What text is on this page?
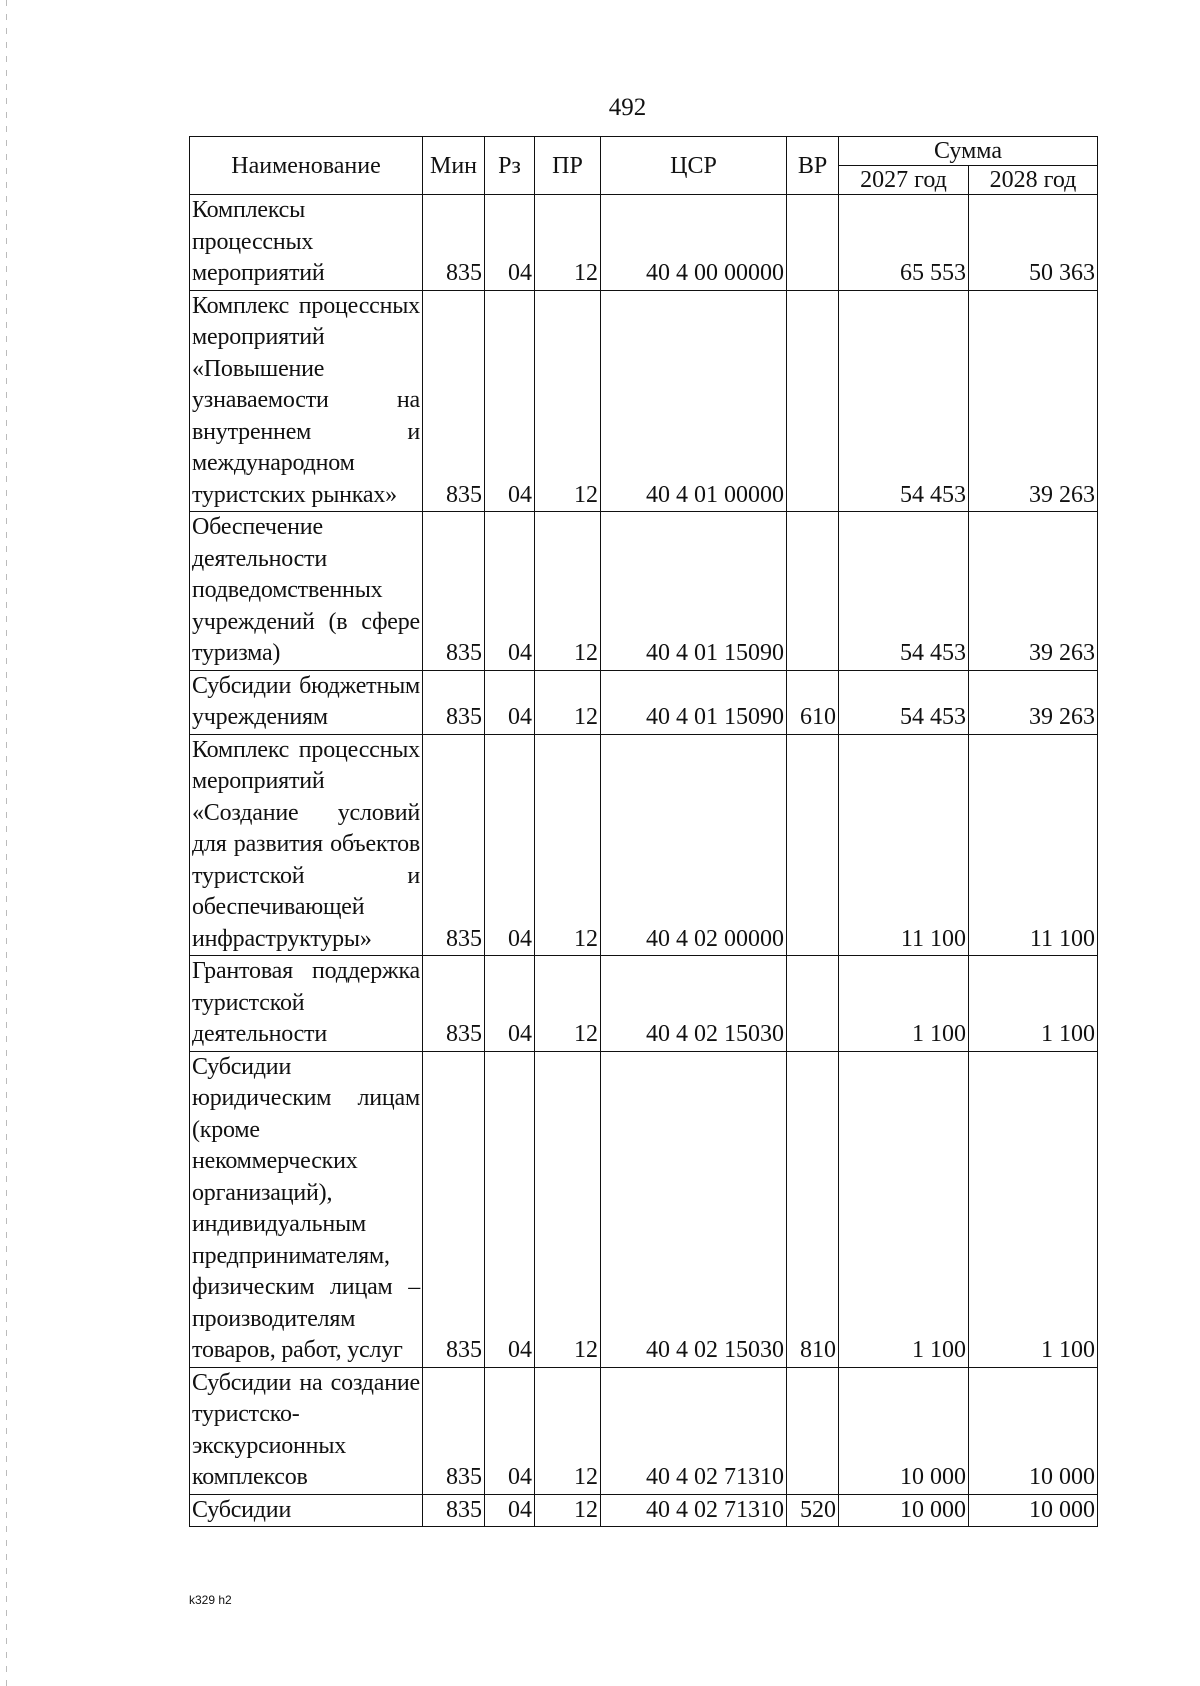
492
Наименование	Мин	Рз	ПР	ЦСР	ВР	Сумма	
						2027 год	2028 год
Комплексы процессных мероприятий	835	04	12	40 4 00 00000		65 553	50 363
Комплекс процессных мероприятий «Повышение узнаваемости на внутреннем и международном туристских рынках»	835	04	12	40 4 01 00000		54 453	39 263
Обеспечение деятельности подведомственных учреждений (в сфере туризма)	835	04	12	40 4 01 15090		54 453	39 263
Субсидии бюджетным учреждениям	835	04	12	40 4 01 15090	610	54 453	39 263
Комплекс процессных мероприятий «Создание условий для развития объектов туристской и обеспечивающей инфраструктуры»	835	04	12	40 4 02 00000		11 100	11 100
Грантовая поддержка туристской деятельности	835	04	12	40 4 02 15030		1 100	1 100
Субсидии юридическим лицам (кроме некоммерческих организаций), индивидуальным предпринимателям, физическим лицам – производителям товаров, работ, услуг	835	04	12	40 4 02 15030	810	1 100	1 100
Субсидии на создание туристско-экскурсионных комплексов	835	04	12	40 4 02 71310		10 000	10 000
Субсидии	835	04	12	40 4 02 71310	520	10 000	10 000
k329 h2
